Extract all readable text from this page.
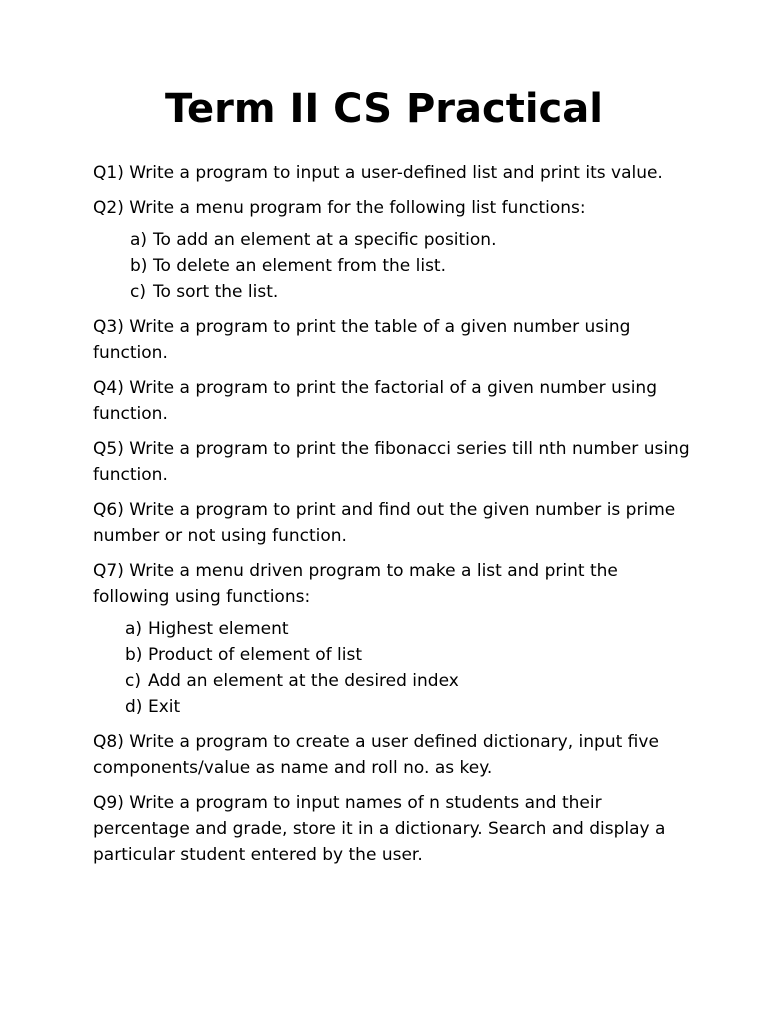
Term II CS Practical

Q1) Write a program to input a user-defined list and print its value.

Q2) Write a menu program for the following list functions:

a) To add an element at a specific position.
b) To delete an element from the list.
c) To sort the list.

Q3) Write a program to print the table of a given number using function.

Q4) Write a program to print the factorial of a given number using function.

Q5) Write a program to print the fibonacci series till nth number using function.

Q6) Write a program to print and find out the given number is prime number or not using function.

Q7) Write a menu driven program to make a list and print the following using functions:

a) Highest element
b) Product of element of list
c) Add an element at the desired index
d) Exit

Q8) Write a program to create a user defined dictionary, input five components/value as name and roll no. as key.

Q9) Write a program to input names of n students and their percentage and grade, store it in a dictionary. Search and display a particular student entered by the user.
